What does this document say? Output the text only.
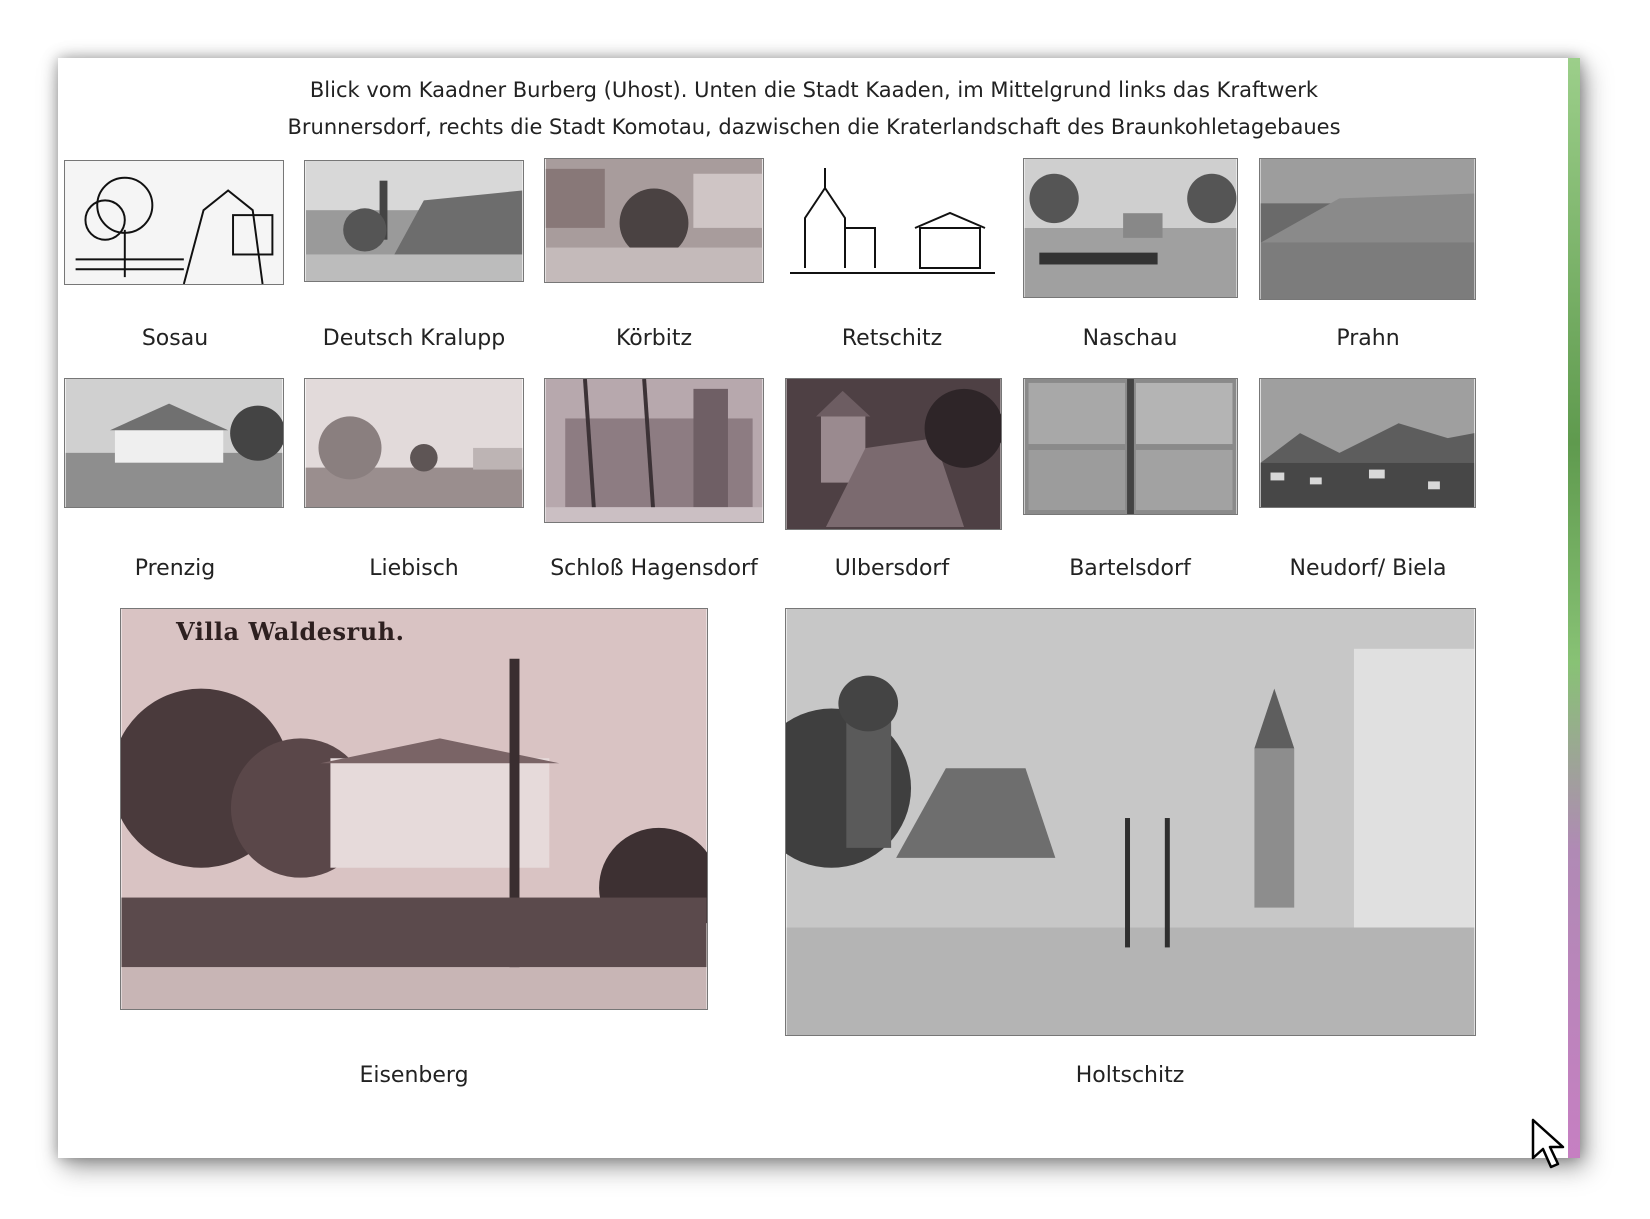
Blick vom Kaadner Burberg (Uhost). Unten die Stadt Kaaden, im Mittelgrund links das Kraftwerk
Brunnersdorf, rechts die Stadt Komotau, dazwischen die Kraterlandschaft des Braunkohletagebaues
Sosau	Deutsch Kralupp	Körbitz	Retschitz	Naschau	Prahn
Prenzig	Liebisch	Schloß Hagensdorf	Ulbersdorf	Bartelsdorf	Neudorf/ Biela
Villa Waldesruh.
Eisenberg	Holtschitz
